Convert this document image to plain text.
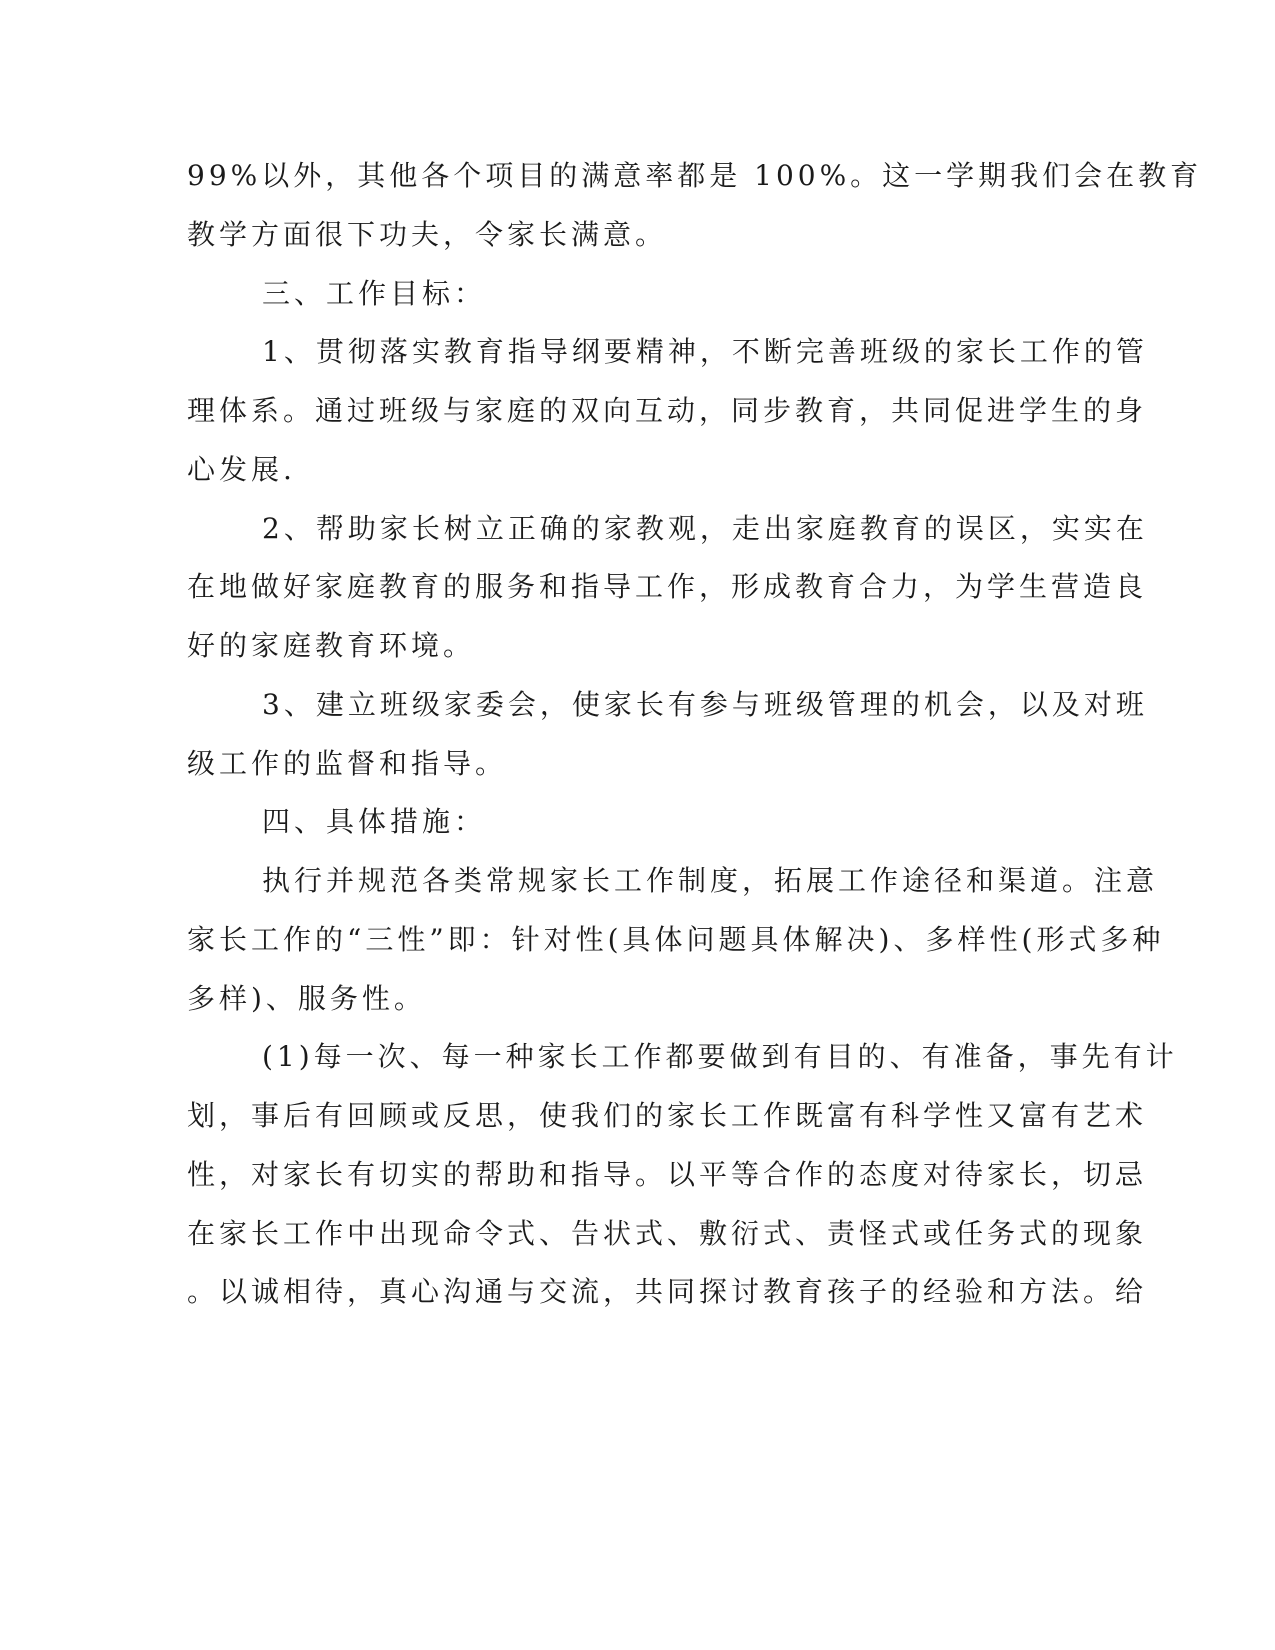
99%以外，其他各个项目的满意率都是 100%。这一学期我们会在教育
教学方面很下功夫，令家长满意。
三、工作目标：
1、贯彻落实教育指导纲要精神，不断完善班级的家长工作的管
理体系。通过班级与家庭的双向互动，同步教育，共同促进学生的身
心发展.
2、帮助家长树立正确的家教观，走出家庭教育的误区，实实在
在地做好家庭教育的服务和指导工作，形成教育合力，为学生营造良
好的家庭教育环境。
3、建立班级家委会，使家长有参与班级管理的机会，以及对班
级工作的监督和指导。
四、具体措施：
执行并规范各类常规家长工作制度，拓展工作途径和渠道。注意
家长工作的“三性”即：针对性(具体问题具体解决)、多样性(形式多种
多样)、服务性。
(1)每一次、每一种家长工作都要做到有目的、有准备，事先有计
划，事后有回顾或反思，使我们的家长工作既富有科学性又富有艺术
性，对家长有切实的帮助和指导。以平等合作的态度对待家长，切忌
在家长工作中出现命令式、告状式、敷衍式、责怪式或任务式的现象
。以诚相待，真心沟通与交流，共同探讨教育孩子的经验和方法。给
